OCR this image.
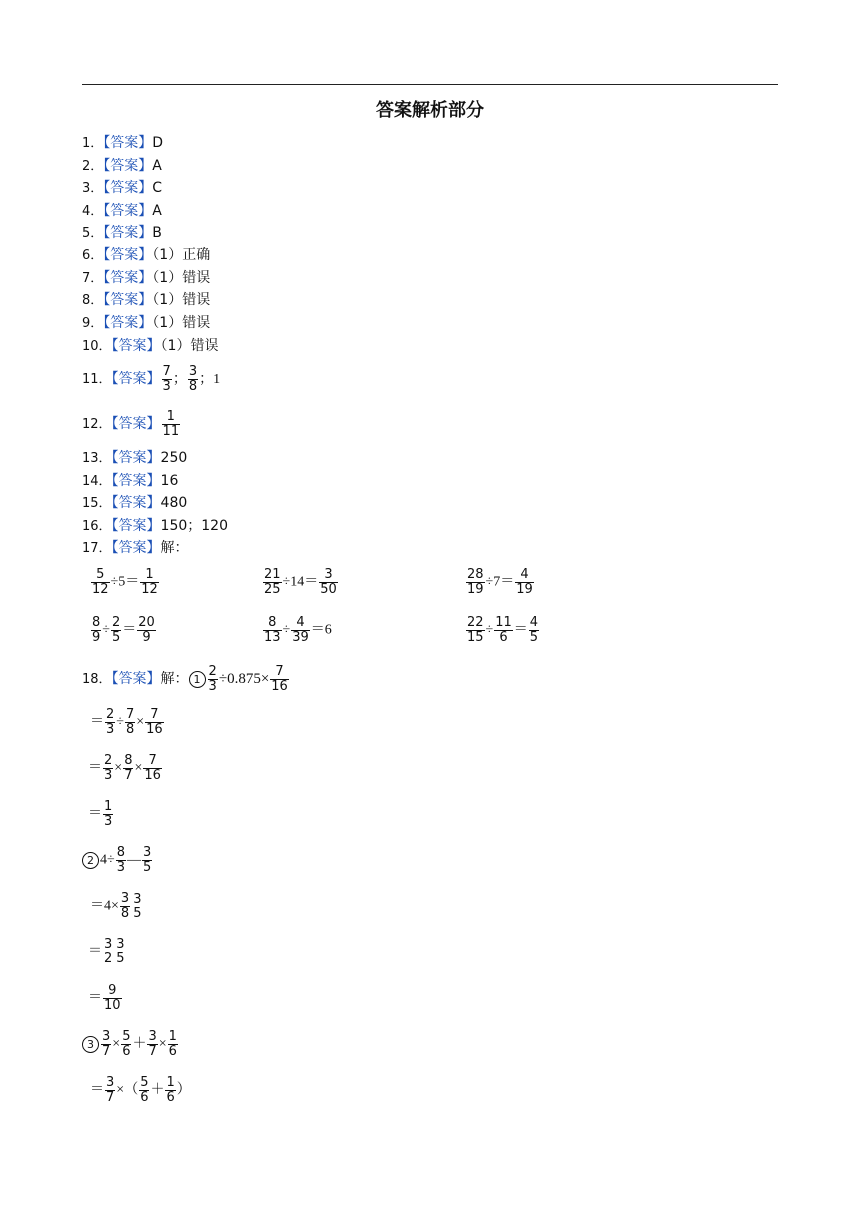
答案解析部分
1．【答案】D
2．【答案】A
3．【答案】C
4．【答案】A
5．【答案】B
6．【答案】（1）正确
7．【答案】（1）错误
8．【答案】（1）错误
9．【答案】（1）错误
10．【答案】（1）错误
11．【答案】 $\frac{7}{3}$ ； $\frac{3}{8}$ ；1
12．【答案】 $\frac{1}{11}$
13．【答案】250
14．【答案】16
15．【答案】480
16．【答案】150；120
17．【答案】解：
$\frac{5}{12} \div 5= \frac{1}{12}$	$\frac{21}{25} \div 14= \frac{3}{50}$	$\frac{28}{19} \div 7= \frac{4}{19}$
$\frac{8}{9} \div \frac{2}{5} = \frac{20}{9}$	$\frac{8}{13} \div \frac{4}{39} =6$	$\frac{22}{15} \div \frac{11}{6} = \frac{4}{5}$
18．【答案】解： $1 \frac{2}{3} \div 0.875\times \frac{7}{16}$
＝ $\frac{2}{3} \div \frac{7}{8} \times \frac{7}{16}$
＝ $\frac{2}{3} \times \frac{8}{7} \times \frac{7}{16}$
＝ $\frac{1}{3}$
2 $4\div \frac{8}{3}$ — $\frac{3}{5}$
$=4\times \frac{3}{8} 3$
5
＝ 3
2
3
5
＝ $\frac{9}{10}$
$3 \frac{3}{7} \times \frac{5}{6} + \frac{3}{7} \times \frac{1}{6}$
＝ $\frac{3}{7}$ ×（ $\frac{5}{6} + \frac{1}{6}$ ）
